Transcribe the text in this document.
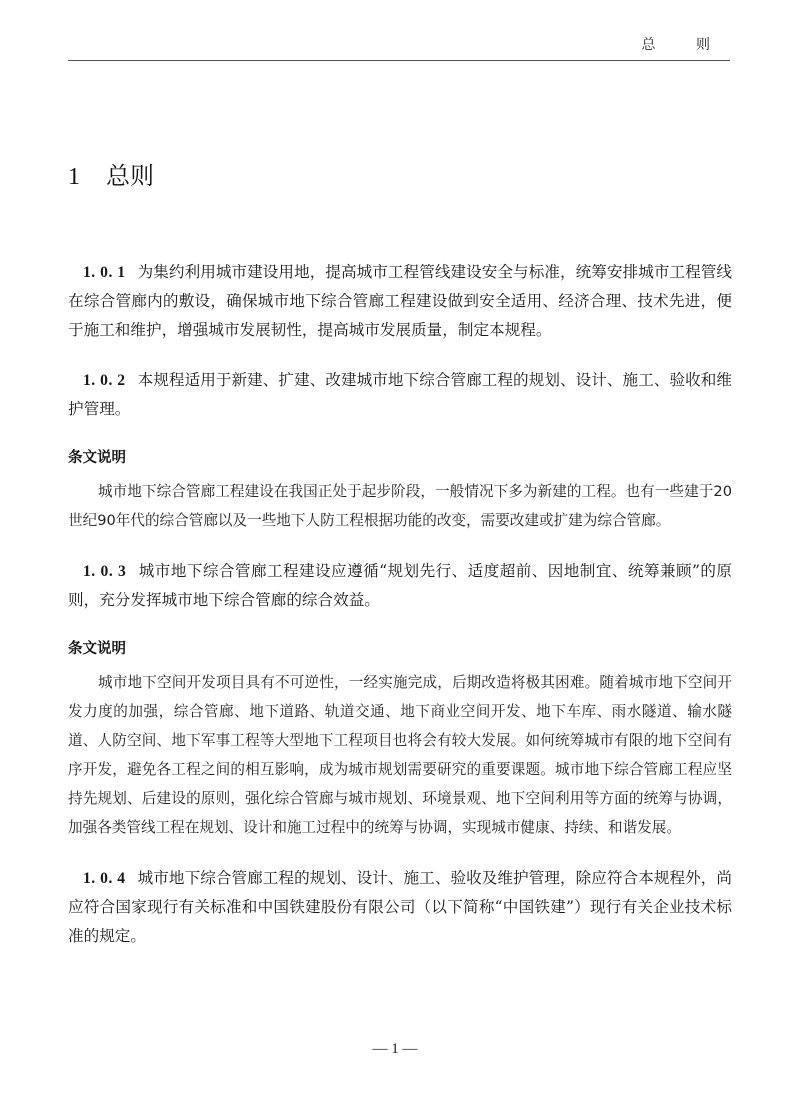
总 则
1 总则

1. 0. 1 为集约利用城市建设用地，提高城市工程管线建设安全与标准，统筹安排城市工程管线在综合管廊内的敷设，确保城市地下综合管廊工程建设做到安全适用、经济合理、技术先进，便于施工和维护，增强城市发展韧性，提高城市发展质量，制定本规程。

1. 0. 2 本规程适用于新建、扩建、改建城市地下综合管廊工程的规划、设计、施工、验收和维护管理。

条文说明

城市地下综合管廊工程建设在我国正处于起步阶段，一般情况下多为新建的工程。也有一些建于20世纪90年代的综合管廊以及一些地下人防工程根据功能的改变，需要改建或扩建为综合管廊。

1. 0. 3 城市地下综合管廊工程建设应遵循“规划先行、适度超前、因地制宜、统筹兼顾”的原则，充分发挥城市地下综合管廊的综合效益。

条文说明

城市地下空间开发项目具有不可逆性，一经实施完成，后期改造将极其困难。随着城市地下空间开发力度的加强，综合管廊、地下道路、轨道交通、地下商业空间开发、地下车库、雨水隧道、输水隧道、人防空间、地下军事工程等大型地下工程项目也将会有较大发展。如何统筹城市有限的地下空间有序开发，避免各工程之间的相互影响，成为城市规划需要研究的重要课题。城市地下综合管廊工程应坚持先规划、后建设的原则，强化综合管廊与城市规划、环境景观、地下空间利用等方面的统筹与协调，加强各类管线工程在规划、设计和施工过程中的统筹与协调，实现城市健康、持续、和谐发展。

1. 0. 4 城市地下综合管廊工程的规划、设计、施工、验收及维护管理，除应符合本规程外，尚应符合国家现行有关标准和中国铁建股份有限公司（以下简称“中国铁建”）现行有关企业技术标准的规定。

— 1 —
